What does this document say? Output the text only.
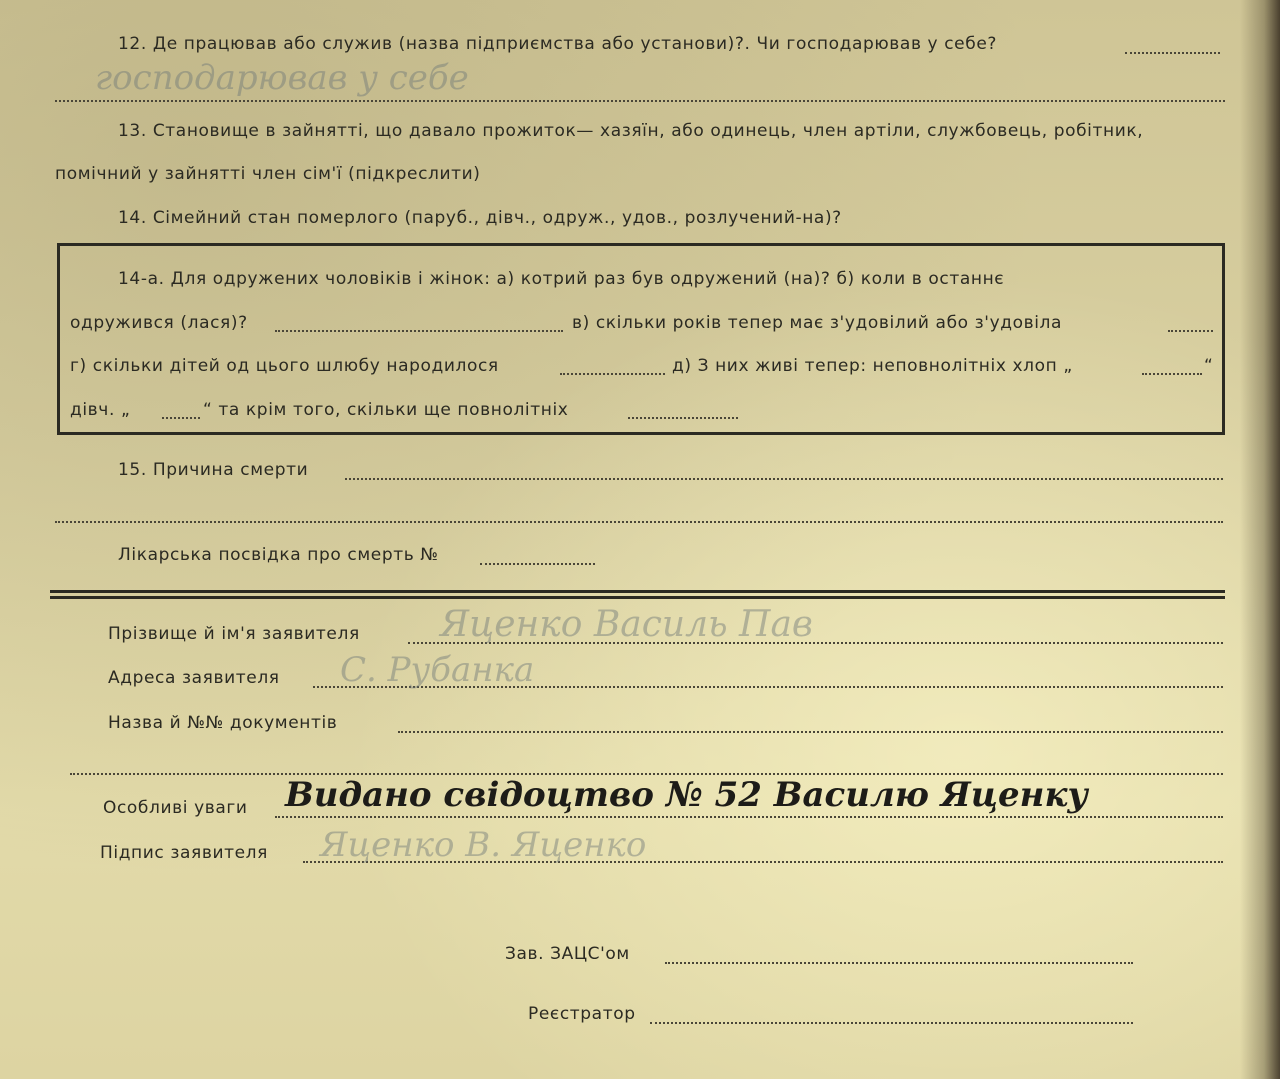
12. Де працював або служив (назва підприємства або установи)?. Чи господарював у себе?
господарював у себе
13. Становище в зайнятті, що давало прожиток— хазяїн, або одинець, член артіли, службовець, робітник,
помічний у зайнятті член сім'ї (підкреслити)
14. Сімейний стан померлого (паруб., дівч., одруж., удов., розлучений-на)?
14-а. Для одружених чоловіків і жінок: а) котрий раз був одружений (на)? б) коли в останнє
одружився (лася)?	в) скільки років тепер має з'удовілий або з'удовіла
г) скільки дітей од цього шлюбу народилося	д) З них живі тепер: неповнолітніх хлоп „	“
дівч. „	“ та крім того, скільки ще повнолітніх
15. Причина смерти
Лікарська посвідка про смерть №
Прізвище й ім'я заявителя Яценко Василь Пав
Адреса заявителя С. Рубанка
Назва й №№ документів
Особливі уваги Видано свідоцтво № 52 Василю Яценку
Підпис заявителя Яценко В. Яценко
Зав. ЗАЦС'ом
Реєстратор
